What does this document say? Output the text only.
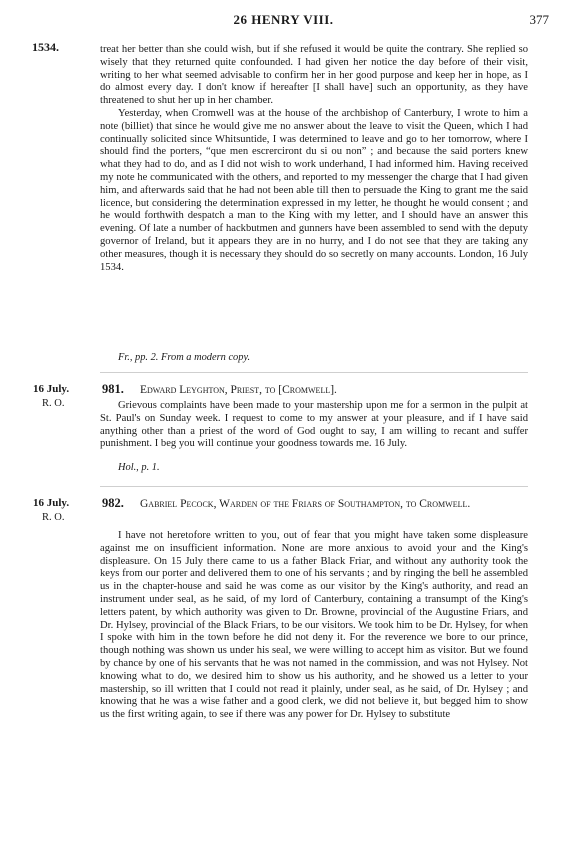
26 HENRY VIII.	377
1534.	treat her better than she could wish, but if she refused it would be quite the contrary. She replied so wisely that they returned quite confounded. I had given her notice the day before of their visit, writing to her what seemed advisable to confirm her in her good purpose and keep her in hope, as I do almost every day. I don't know if hereafter [I shall have] such an opportunity, as they have threatened to shut her up in her chamber.

Yesterday, when Cromwell was at the house of the archbishop of Canterbury, I wrote to him a note (billiet) that since he would give me no answer about the leave to visit the Queen, which I had continually solicited since Whitsuntide, I was determined to leave and go to her tomorrow, where I should find the porters, “que men escrerciront du si ou non” ; and because the said porters knew what they had to do, and as I did not wish to work underhand, I had informed him. Having received my note he communicated with the others, and reported to my messenger the charge that I had given him, and afterwards said that he had not been able till then to persuade the King to grant me the said licence, but considering the determination expressed in my letter, he thought he would consent ; and he would forthwith despatch a man to the King with my letter, and I should have an answer this evening. Of late a number of hackbutmen and gunners have been assembled to send with the deputy governor of Ireland, but it appears they are in no hurry, and I do not see that they are taking any other measures, though it is necessary they should do so secretly on many accounts. London, 16 July 1534.

Fr., pp. 2. From a modern copy.
16 July.
R. O.
981. Edward Leyghton, Priest, to [Cromwell].

Grievous complaints have been made to your mastership upon me for a sermon in the pulpit at St. Paul's on Sunday week. I request to come to my answer at your pleasure, and if I have said anything other than a priest of the word of God ought to say, I am willing to recant and suffer punishment. I beg you will continue your goodness towards me. 16 July.

Hol., p. 1.
16 July.
R. O.
982. Gabriel Pecock, Warden of the Friars of Southampton, to Cromwell.

I have not heretofore written to you, out of fear that you might have taken some displeasure against me on insufficient information. None are more anxious to avoid your and the King's displeasure. On 15 July there came to us a father Black Friar, and without any authority took the keys from our porter and delivered them to one of his servants ; and by ringing the bell he assembled us in the chapter-house and said he was come as our visitor by the King's authority, and read an instrument under seal, as he said, of my lord of Canterbury, containing a transumpt of the King's letters patent, by which authority was given to Dr. Browne, provincial of the Augustine Friars, and Dr. Hylsey, provincial of the Black Friars, to be our visitors. We took him to be Dr. Hylsey, for when I spoke with him in the town before he did not deny it. For the reverence we bore to our prince, though nothing was shown us under his seal, we were willing to accept him as visitor. But we found by chance by one of his servants that he was not named in the commission, and was not Hylsey. Not knowing what to do, we desired him to show us his authority, and he showed us a letter to your mastership, so ill written that I could not read it plainly, under seal, as he said, of Dr. Hylsey ; and knowing that he was a wise father and a good clerk, we did not believe it, but begged him to show us the first writing again, to see if there was any power for Dr. Hylsey to substitute
